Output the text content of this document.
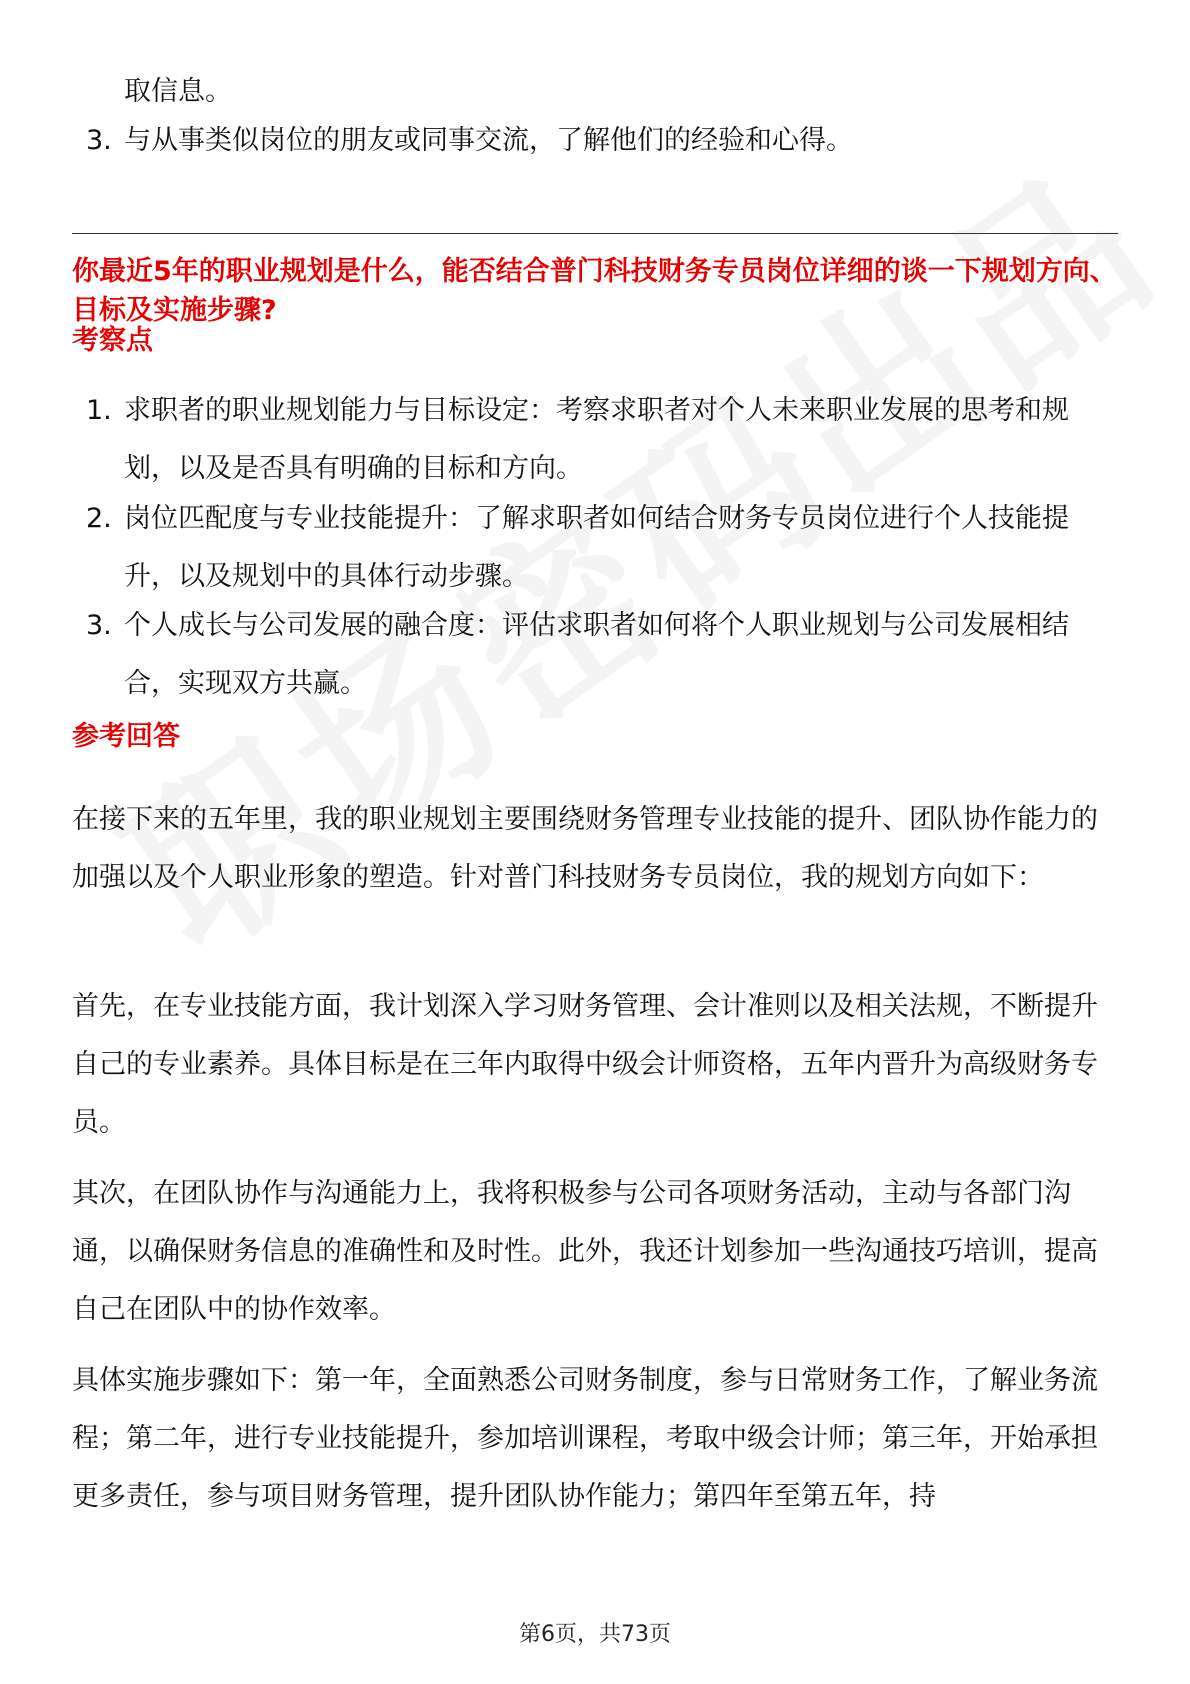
取信息。
3. 与从事类似岗位的朋友或同事交流，了解他们的经验和心得。
你最近5年的职业规划是什么，能否结合普门科技财务专员岗位详细的谈一下规划方向、目标及实施步骤?
考察点
1. 求职者的职业规划能力与目标设定：考察求职者对个人未来职业发展的思考和规划，以及是否具有明确的目标和方向。
2. 岗位匹配度与专业技能提升：了解求职者如何结合财务专员岗位进行个人技能提升，以及规划中的具体行动步骤。
3. 个人成长与公司发展的融合度：评估求职者如何将个人职业规划与公司发展相结合，实现双方共赢。
参考回答
在接下来的五年里，我的职业规划主要围绕财务管理专业技能的提升、团队协作能力的加强以及个人职业形象的塑造。针对普门科技财务专员岗位，我的规划方向如下：
首先，在专业技能方面，我计划深入学习财务管理、会计准则以及相关法规，不断提升自己的专业素养。具体目标是在三年内取得中级会计师资格，五年内晋升为高级财务专员。
其次，在团队协作与沟通能力上，我将积极参与公司各项财务活动，主动与各部门沟通，以确保财务信息的准确性和及时性。此外，我还计划参加一些沟通技巧培训，提高自己在团队中的协作效率。
具体实施步骤如下：第一年，全面熟悉公司财务制度，参与日常财务工作，了解业务流程；第二年，进行专业技能提升，参加培训课程，考取中级会计师；第三年，开始承担更多责任，参与项目财务管理，提升团队协作能力；第四年至第五年，持
第6页，共73页
